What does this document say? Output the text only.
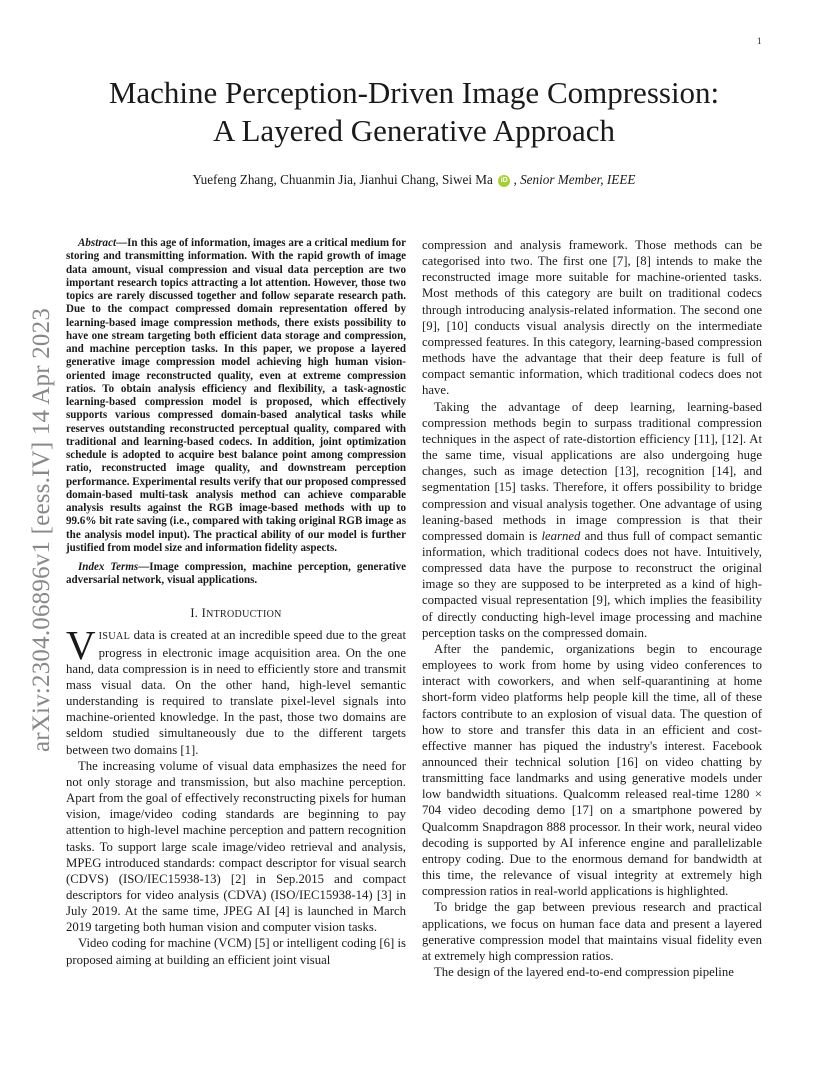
1
arXiv:2304.06896v1 [eess.IV] 14 Apr 2023
Machine Perception-Driven Image Compression:
A Layered Generative Approach
Yuefeng Zhang, Chuanmin Jia, Jianhui Chang, Siwei Ma iD , Senior Member, IEEE

Abstract—In this age of information, images are a critical medium for storing and transmitting information. With the rapid growth of image data amount, visual compression and visual data perception are two important research topics attracting a lot attention. However, those two topics are rarely discussed together and follow separate research path. Due to the compact compressed domain representation offered by learning-based image compression methods, there exists possibility to have one stream targeting both efficient data storage and compression, and machine perception tasks. In this paper, we propose a layered generative image compression model achieving high human vision-oriented image reconstructed quality, even at extreme compression ratios. To obtain analysis efficiency and flexibility, a task-agnostic learning-based compression model is proposed, which effectively supports various compressed domain-based analytical tasks while reserves outstanding reconstructed perceptual quality, compared with traditional and learning-based codecs. In addition, joint optimization schedule is adopted to acquire best balance point among compression ratio, reconstructed image quality, and downstream perception performance. Experimental results verify that our proposed compressed domain-based multi-task analysis method can achieve comparable analysis results against the RGB image-based methods with up to 99.6% bit rate saving (i.e., compared with taking original RGB image as the analysis model input). The practical ability of our model is further justified from model size and information fidelity aspects.

Index Terms—Image compression, machine perception, generative adversarial network, visual applications.

I. INTRODUCTION

VISUAL data is created at an incredible speed due to the great progress in electronic image acquisition area. On the one hand, data compression is in need to efficiently store and transmit mass visual data. On the other hand, high-level semantic understanding is required to translate pixel-level signals into machine-oriented knowledge. In the past, those two domains are seldom studied simultaneously due to the different targets between two domains [1].

The increasing volume of visual data emphasizes the need for not only storage and transmission, but also machine perception. Apart from the goal of effectively reconstructing pixels for human vision, image/video coding standards are beginning to pay attention to high-level machine perception and pattern recognition tasks. To support large scale image/video retrieval and analysis, MPEG introduced standards: compact descriptor for visual search (CDVS) (ISO/IEC15938-13) [2] in Sep.2015 and compact descriptors for video analysis (CDVA) (ISO/IEC15938-14) [3] in July 2019. At the same time, JPEG AI [4] is launched in March 2019 targeting both human vision and computer vision tasks.

Video coding for machine (VCM) [5] or intelligent coding [6] is proposed aiming at building an efficient joint visual

compression and analysis framework. Those methods can be categorised into two. The first one [7], [8] intends to make the reconstructed image more suitable for machine-oriented tasks. Most methods of this category are built on traditional codecs through introducing analysis-related information. The second one [9], [10] conducts visual analysis directly on the intermediate compressed features. In this category, learning-based compression methods have the advantage that their deep feature is full of compact semantic information, which traditional codecs does not have.

Taking the advantage of deep learning, learning-based compression methods begin to surpass traditional compression techniques in the aspect of rate-distortion efficiency [11], [12]. At the same time, visual applications are also undergoing huge changes, such as image detection [13], recognition [14], and segmentation [15] tasks. Therefore, it offers possibility to bridge compression and visual analysis together. One advantage of using leaning-based methods in image compression is that their compressed domain is learned and thus full of compact semantic information, which traditional codecs does not have. Intuitively, compressed data have the purpose to reconstruct the original image so they are supposed to be interpreted as a kind of high-compacted visual representation [9], which implies the feasibility of directly conducting high-level image processing and machine perception tasks on the compressed domain.

After the pandemic, organizations begin to encourage employees to work from home by using video conferences to interact with coworkers, and when self-quarantining at home short-form video platforms help people kill the time, all of these factors contribute to an explosion of visual data. The question of how to store and transfer this data in an efficient and cost-effective manner has piqued the industry's interest. Facebook announced their technical solution [16] on video chatting by transmitting face landmarks and using generative models under low bandwidth situations. Qualcomm released real-time 1280 × 704 video decoding demo [17] on a smartphone powered by Qualcomm Snapdragon 888 processor. In their work, neural video decoding is supported by AI inference engine and parallelizable entropy coding. Due to the enormous demand for bandwidth at this time, the relevance of visual integrity at extremely high compression ratios in real-world applications is highlighted.

To bridge the gap between previous research and practical applications, we focus on human face data and present a layered generative compression model that maintains visual fidelity even at extremely high compression ratios.

The design of the layered end-to-end compression pipeline
